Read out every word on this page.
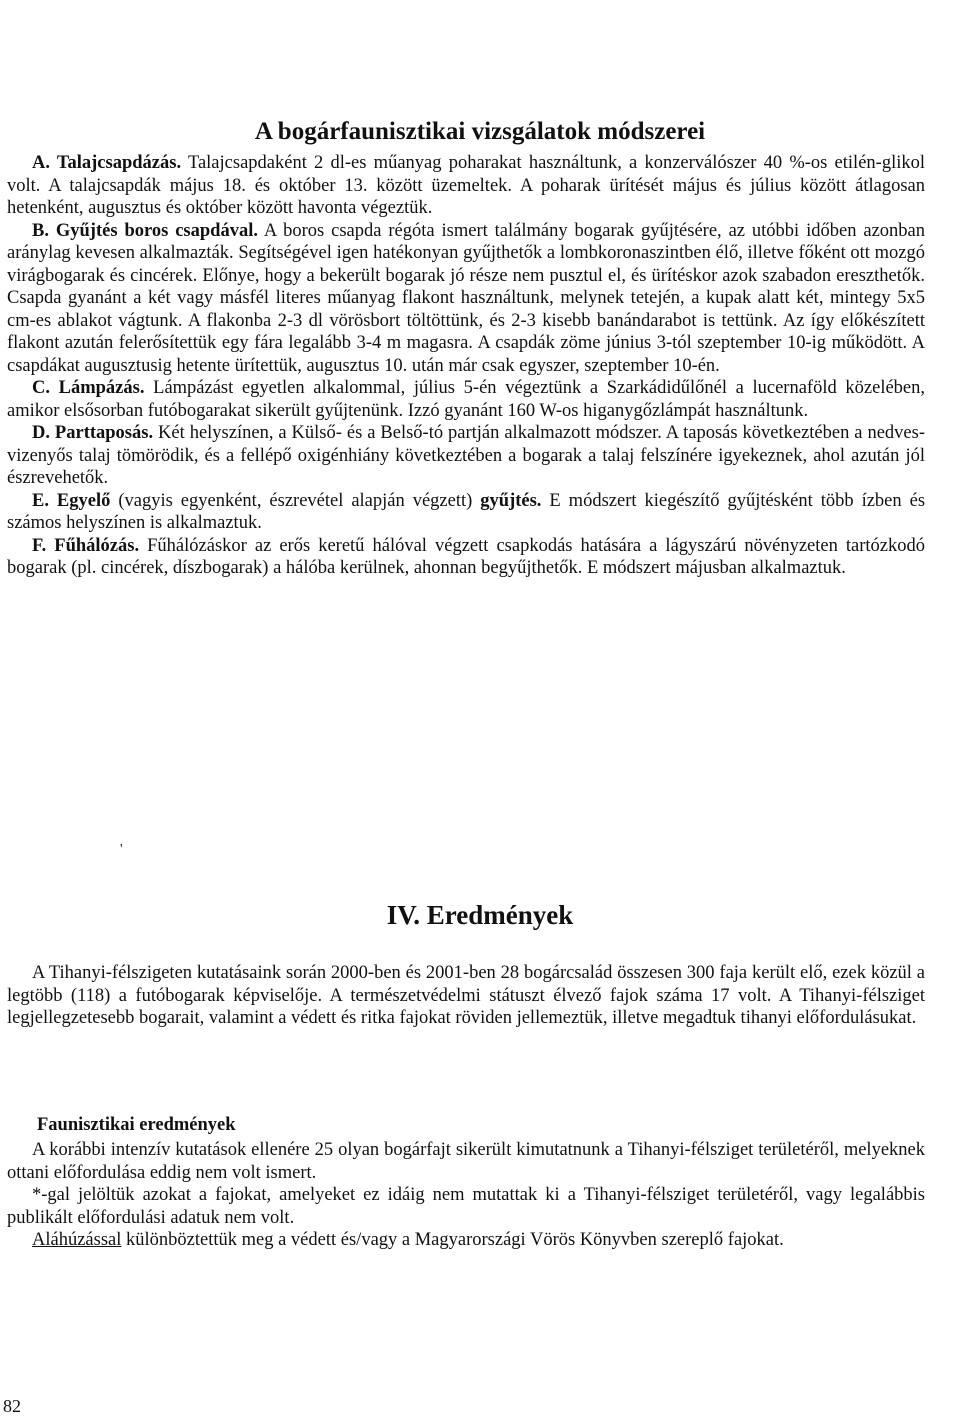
A bogárfaunisztikai vizsgálatok módszerei

A. Talajcsapdázás. Talajcsapdaként 2 dl-es műanyag poharakat használtunk, a konzerválószer 40 %-os etilén-glikol volt. A talajcsapdák május 18. és október 13. között üzemeltek. A poharak ürítését május és július között átlagosan hetenként, augusztus és október között havonta végeztük.

B. Gyűjtés boros csapdával. A boros csapda régóta ismert találmány bogarak gyűjtésére, az utóbbi időben azonban aránylag kevesen alkalmazták. Segítségével igen hatékonyan gyűjthetők a lombkoronaszintben élő, illetve főként ott mozgó virágbogarak és cincérek. Előnye, hogy a bekerült bogarak jó része nem pusztul el, és ürítéskor azok szabadon ereszthetők. Csapda gyanánt a két vagy másfél literes műanyag flakont használtunk, melynek tetején, a kupak alatt két, mintegy 5x5 cm-es ablakot vágtunk. A flakonba 2-3 dl vörösbort töltöttünk, és 2-3 kisebb banándarabot is tettünk. Az így előkészített flakont azután felerősítettük egy fára legalább 3-4 m magasra. A csapdák zöme június 3-tól szeptember 10-ig működött. A csapdákat augusztusig hetente ürítettük, augusztus 10. után már csak egyszer, szeptember 10-én.

C. Lámpázás. Lámpázást egyetlen alkalommal, július 5-én végeztünk a Szarkádidűlőnél a lucernaföld közelében, amikor elsősorban futóbogarakat sikerült gyűjtenünk. Izzó gyanánt 160 W-os higanygőzlámpát használtunk.

D. Parttaposás. Két helyszínen, a Külső- és a Belső-tó partján alkalmazott módszer. A taposás következtében a nedves-vizenyős talaj tömörödik, és a fellépő oxigénhiány következtében a bogarak a talaj felszínére igyekeznek, ahol azután jól észrevehetők.

E. Egyelő (vagyis egyenként, észrevétel alapján végzett) gyűjtés. E módszert kiegészítő gyűjtésként több ízben és számos helyszínen is alkalmaztuk.

F. Fűhálózás. Fűhálózáskor az erős keretű hálóval végzett csapkodás hatására a lágyszárú növényzeten tartózkodó bogarak (pl. cincérek, díszbogarak) a hálóba kerülnek, ahonnan begyűjthetők. E módszert májusban alkalmaztuk.

'
IV. Eredmények

A Tihanyi-félszigeten kutatásaink során 2000-ben és 2001-ben 28 bogárcsalád összesen 300 faja került elő, ezek közül a legtöbb (118) a futóbogarak képviselője. A természetvédelmi státuszt élvező fajok száma 17 volt. A Tihanyi-félsziget legjellegzetesebb bogarait, valamint a védett és ritka fajokat röviden jellemeztük, illetve megadtuk tihanyi előfordulásukat.

Faunisztikai eredmények

A korábbi intenzív kutatások ellenére 25 olyan bogárfajt sikerült kimutatnunk a Tihanyi-félsziget területéről, melyeknek ottani előfordulása eddig nem volt ismert.

*-gal jelöltük azokat a fajokat, amelyeket ez idáig nem mutattak ki a Tihanyi-félsziget területéről, vagy legalábbis publikált előfordulási adatuk nem volt.

Aláhúzással különböztettük meg a védett és/vagy a Magyarországi Vörös Könyvben szereplő fajokat.

82
